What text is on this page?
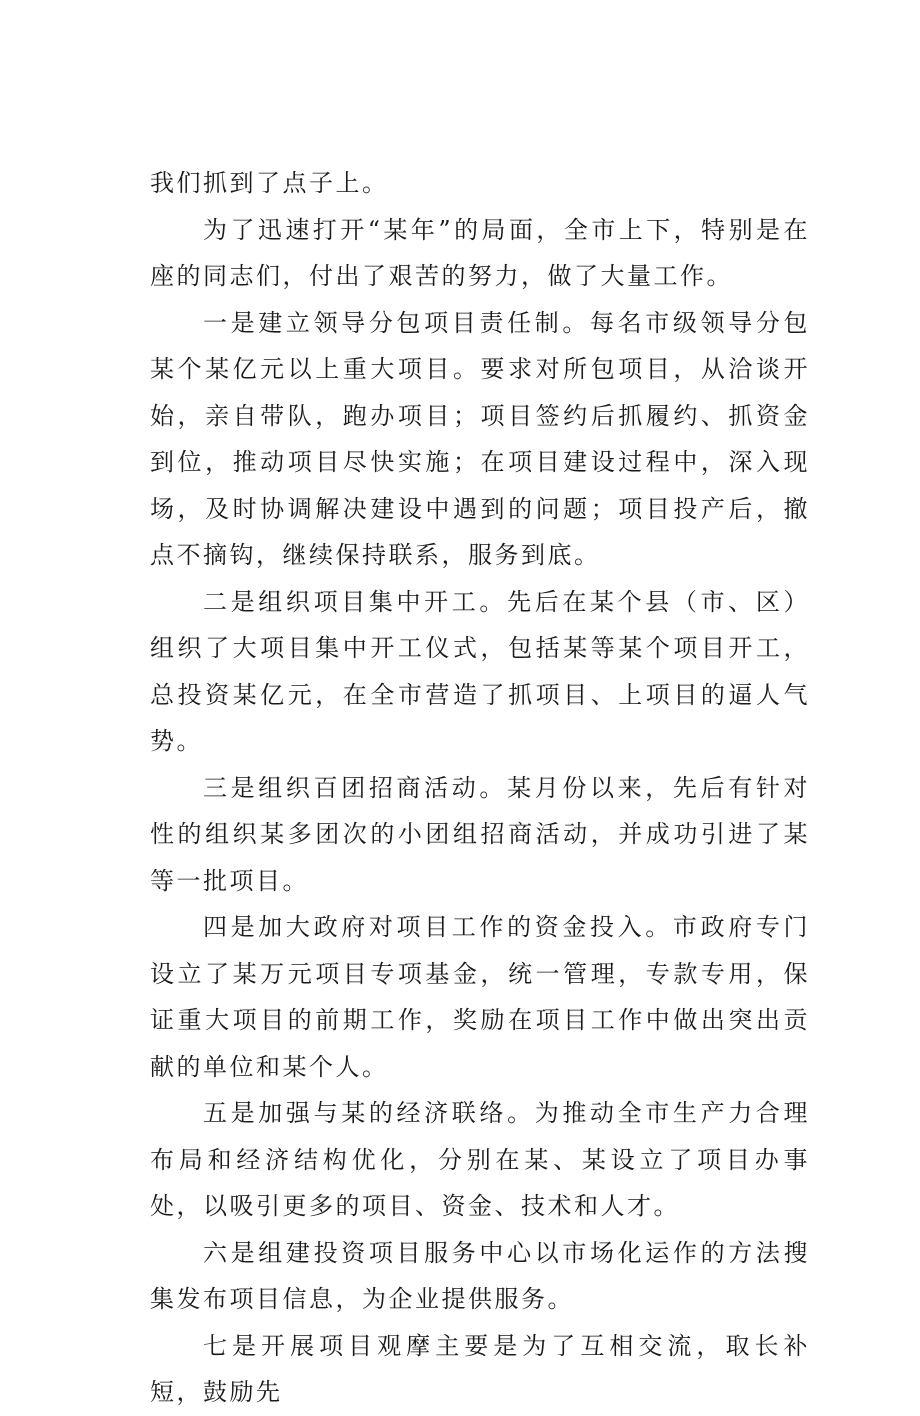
我们抓到了点子上。

为了迅速打开“某年”的局面，全市上下，特别是在座的同志们，付出了艰苦的努力，做了大量工作。

一是建立领导分包项目责任制。每名市级领导分包某个某亿元以上重大项目。要求对所包项目，从洽谈开始，亲自带队，跑办项目；项目签约后抓履约、抓资金到位，推动项目尽快实施；在项目建设过程中，深入现场，及时协调解决建设中遇到的问题；项目投产后，撤点不摘钩，继续保持联系，服务到底。

二是组织项目集中开工。先后在某个县（市、区）组织了大项目集中开工仪式，包括某等某个项目开工，总投资某亿元，在全市营造了抓项目、上项目的逼人气势。

三是组织百团招商活动。某月份以来，先后有针对性的组织某多团次的小团组招商活动，并成功引进了某等一批项目。

四是加大政府对项目工作的资金投入。市政府专门设立了某万元项目专项基金，统一管理，专款专用，保证重大项目的前期工作，奖励在项目工作中做出突出贡献的单位和某个人。

五是加强与某的经济联络。为推动全市生产力合理布局和经济结构优化，分别在某、某设立了项目办事处，以吸引更多的项目、资金、技术和人才。

六是组建投资项目服务中心以市场化运作的方法搜集发布项目信息，为企业提供服务。

七是开展项目观摩主要是为了互相交流，取长补短，鼓励先
